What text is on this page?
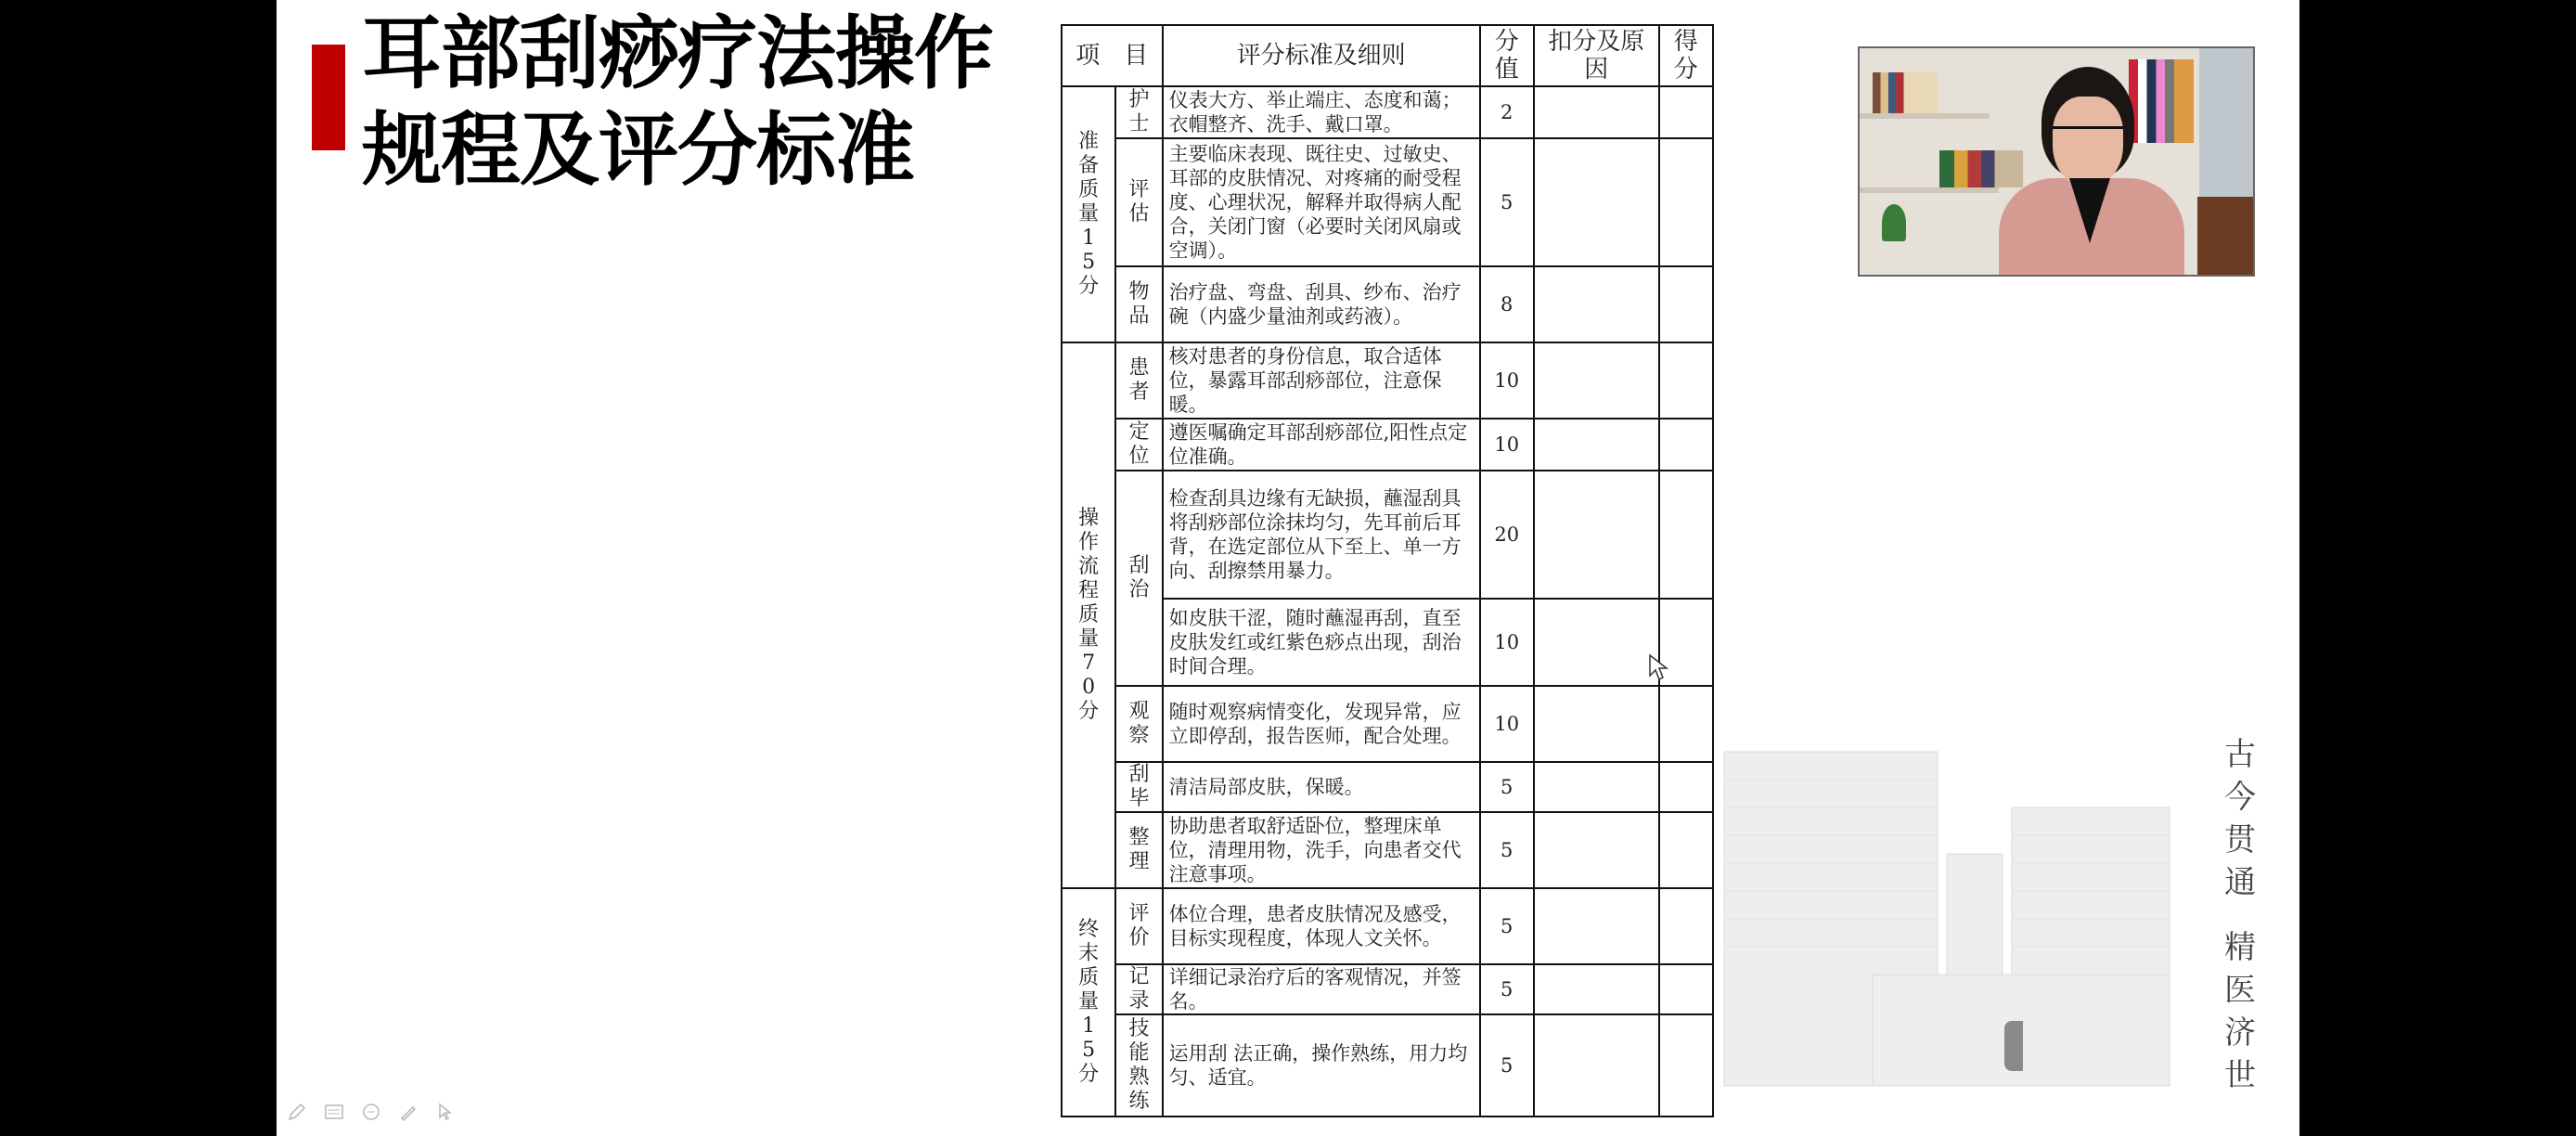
耳部刮痧疗法操作
规程及评分标准
项　目		评分标准及细则	分值	扣分及原因	得分
准备质量15分	护士	仪表大方、举止端庄、态度和蔼；衣帽整齐、洗手、戴口罩。	2		
	评估	主要临床表现、既往史、过敏史、耳部的皮肤情况、对疼痛的耐受程度、心理状况，解释并取得病人配合，关闭门窗（必要时关闭风扇或空调）。	5		
	物品	治疗盘、弯盘、刮具、纱布、治疗碗（内盛少量油剂或药液）。	8		
操作流程质量70分	患者	核对患者的身份信息，取合适体位，暴露耳部刮痧部位，注意保暖。	10		
	定位	遵医嘱确定耳部刮痧部位,阳性点定位准确。	10		
	刮治	检查刮具边缘有无缺损，蘸湿刮具将刮痧部位涂抹均匀，先耳前后耳背，在选定部位从下至上、单一方向、刮擦禁用暴力。	20		
		如皮肤干涩，随时蘸湿再刮，直至皮肤发红或红紫色痧点出现，刮治时间合理。	10		
	观察	随时观察病情变化，发现异常，应立即停刮，报告医师，配合处理。	10		
	刮毕	清洁局部皮肤，保暖。	5		
	整理	协助患者取舒适卧位，整理床单位，清理用物，洗手，向患者交代注意事项。	5		
终末质量15分	评价	体位合理，患者皮肤情况及感受，目标实现程度，体现人文关怀。	5		
	记录	详细记录治疗后的客观情况，并签名。	5		
	技能熟练	运用刮 法正确，操作熟练，用力均匀、适宜。	5		
古今贯通
精医济世
